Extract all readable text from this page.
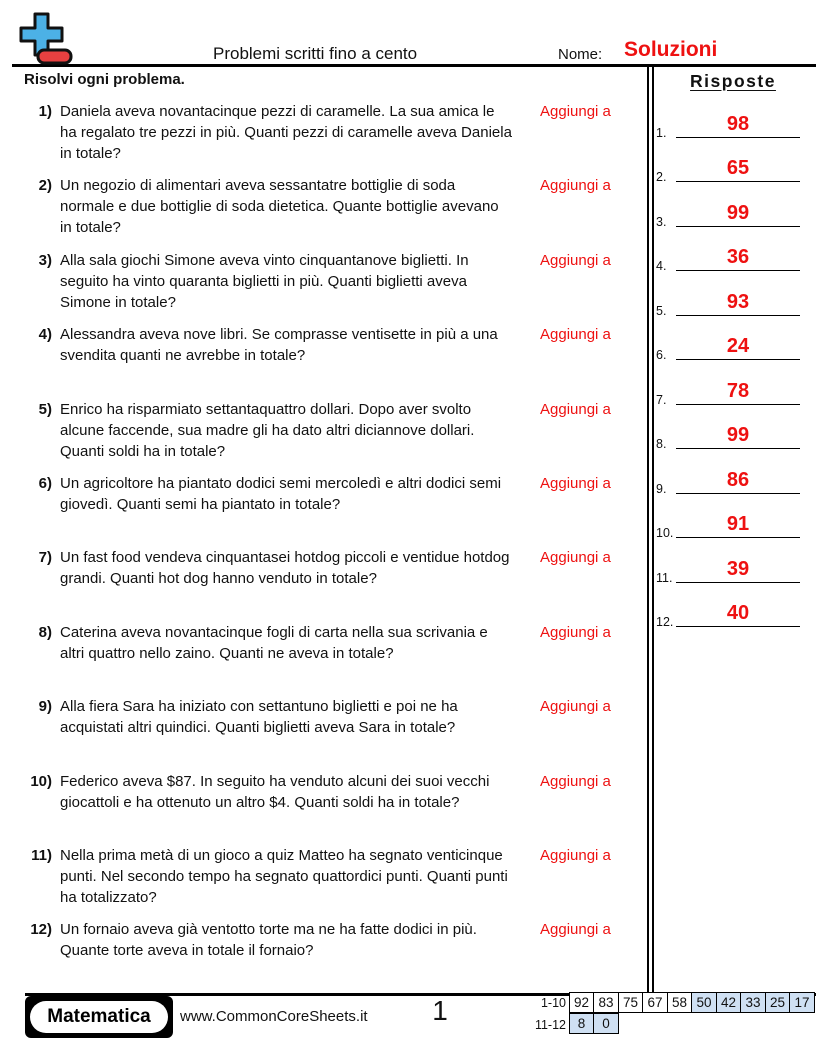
Problemi scritti fino a cento	Nome: Soluzioni
Risolvi ogni problema.	Risposte
1) Daniela aveva novantacinque pezzi di caramelle. La sua amica le ha regalato tre pezzi in più. Quanti pezzi di caramelle aveva Daniela in totale?
Aggiungi a
2) Un negozio di alimentari aveva sessantatre bottiglie di soda normale e due bottiglie di soda dietetica. Quante bottiglie avevano in totale?
Aggiungi a
3) Alla sala giochi Simone aveva vinto cinquantanove biglietti. In seguito ha vinto quaranta biglietti in più. Quanti biglietti aveva Simone in totale?
Aggiungi a
4) Alessandra aveva nove libri. Se comprasse ventisette in più a una svendita quanti ne avrebbe in totale?
Aggiungi a
5) Enrico ha risparmiato settantaquattro dollari. Dopo aver svolto alcune faccende, sua madre gli ha dato altri diciannove dollari. Quanti soldi ha in totale?
Aggiungi a
6) Un agricoltore ha piantato dodici semi mercoledì e altri dodici semi giovedì. Quanti semi ha piantato in totale?
Aggiungi a
7) Un fast food vendeva cinquantasei hotdog piccoli e ventidue hotdog grandi. Quanti hot dog hanno venduto in totale?
Aggiungi a
8) Caterina aveva novantacinque fogli di carta nella sua scrivania e altri quattro nello zaino. Quanti ne aveva in totale?
Aggiungi a
9) Alla fiera Sara ha iniziato con settantuno biglietti e poi ne ha acquistati altri quindici. Quanti biglietti aveva Sara in totale?
Aggiungi a
10) Federico aveva $87. In seguito ha venduto alcuni dei suoi vecchi giocattoli e ha ottenuto un altro $4. Quanti soldi ha in totale?
Aggiungi a
11) Nella prima metà di un gioco a quiz Matteo ha segnato venticinque punti. Nel secondo tempo ha segnato quattordici punti. Quanti punti ha totalizzato?
Aggiungi a
12) Un fornaio aveva già ventotto torte ma ne ha fatte dodici in più. Quante torte aveva in totale il fornaio?
Aggiungi a
1.	98
2.	65
3.	99
4.	36
5.	93
6.	24
7.	78
8.	99
9.	86
10.	91
11.	39
12.	40
Matematica	www.CommonCoreSheets.it	1	1-10 92 83 75 67 58 50 42 33 25 17
11-12 8	0
